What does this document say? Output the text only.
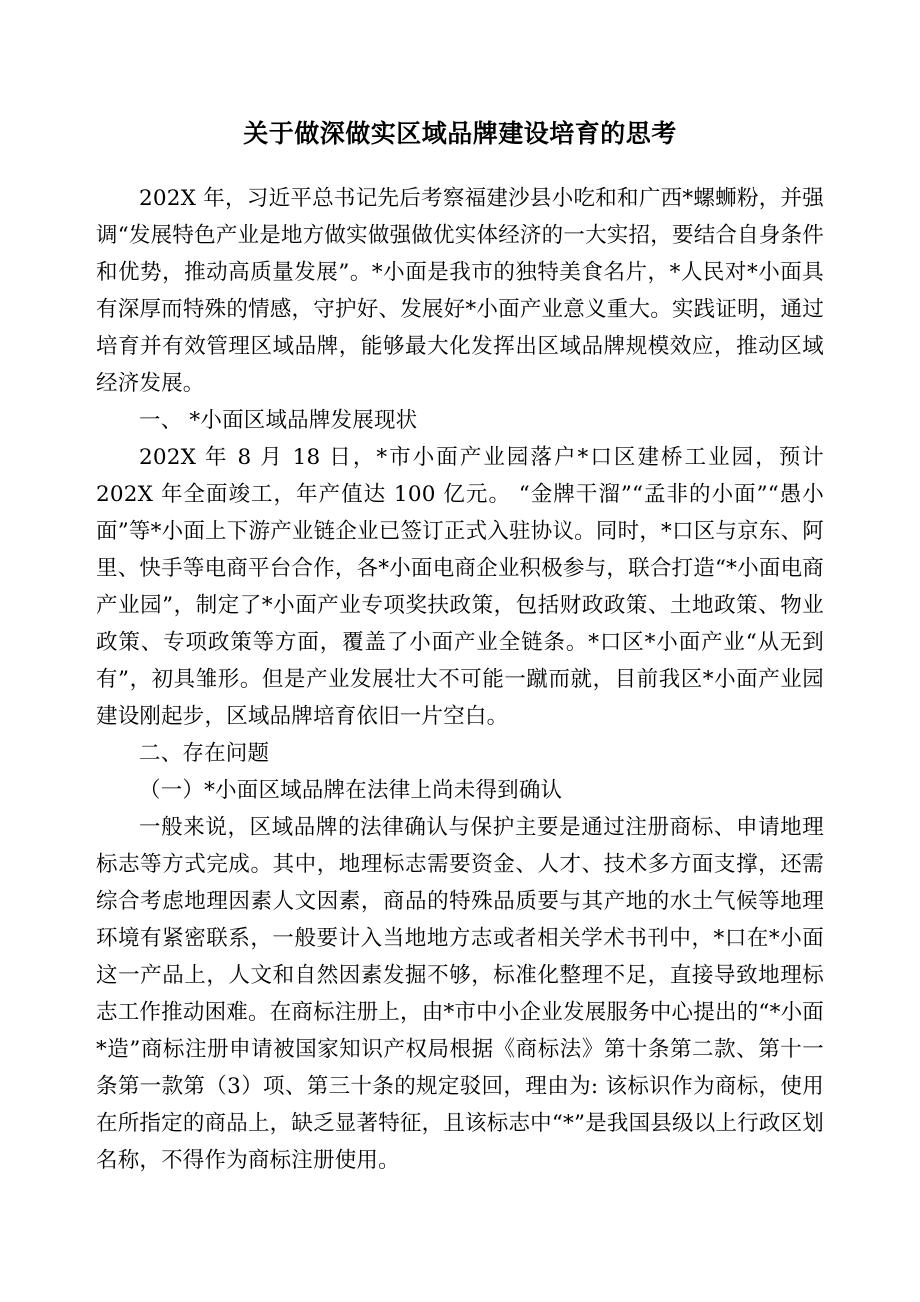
关于做深做实区域品牌建设培育的思考

202X 年，习近平总书记先后考察福建沙县小吃和和广西*螺蛳粉，并强调“发展特色产业是地方做实做强做优实体经济的一大实招，要结合自身条件和优势，推动高质量发展”。*小面是我市的独特美食名片，*人民对*小面具有深厚而特殊的情感，守护好、发展好*小面产业意义重大。实践证明，通过培育并有效管理区域品牌，能够最大化发挥出区域品牌规模效应，推动区域经济发展。

一、 *小面区域品牌发展现状

202X 年 8 月 18 日，*市小面产业园落户*口区建桥工业园，预计 202X 年全面竣工，年产值达 100 亿元。 “金牌干溜”“孟非的小面”“愚小面”等*小面上下游产业链企业已签订正式入驻协议。同时，*口区与京东、阿里、快手等电商平台合作，各*小面电商企业积极参与，联合打造“*小面电商产业园”，制定了*小面产业专项奖扶政策，包括财政政策、土地政策、物业政策、专项政策等方面，覆盖了小面产业全链条。*口区*小面产业“从无到有”，初具雏形。但是产业发展壮大不可能一蹴而就，目前我区*小面产业园建设刚起步，区域品牌培育依旧一片空白。

二、存在问题

（一）*小面区域品牌在法律上尚未得到确认

一般来说，区域品牌的法律确认与保护主要是通过注册商标、申请地理标志等方式完成。其中，地理标志需要资金、人才、技术多方面支撑，还需综合考虑地理因素人文因素，商品的特殊品质要与其产地的水土气候等地理环境有紧密联系，一般要计入当地地方志或者相关学术书刊中，*口在*小面这一产品上，人文和自然因素发掘不够，标准化整理不足，直接导致地理标志工作推动困难。在商标注册上，由*市中小企业发展服务中心提出的“*小面*造”商标注册申请被国家知识产权局根据《商标法》第十条第二款、第十一条第一款第（3）项、第三十条的规定驳回，理由为: 该标识作为商标，使用在所指定的商品上，缺乏显著特征，且该标志中“*”是我国县级以上行政区划名称，不得作为商标注册使用。
